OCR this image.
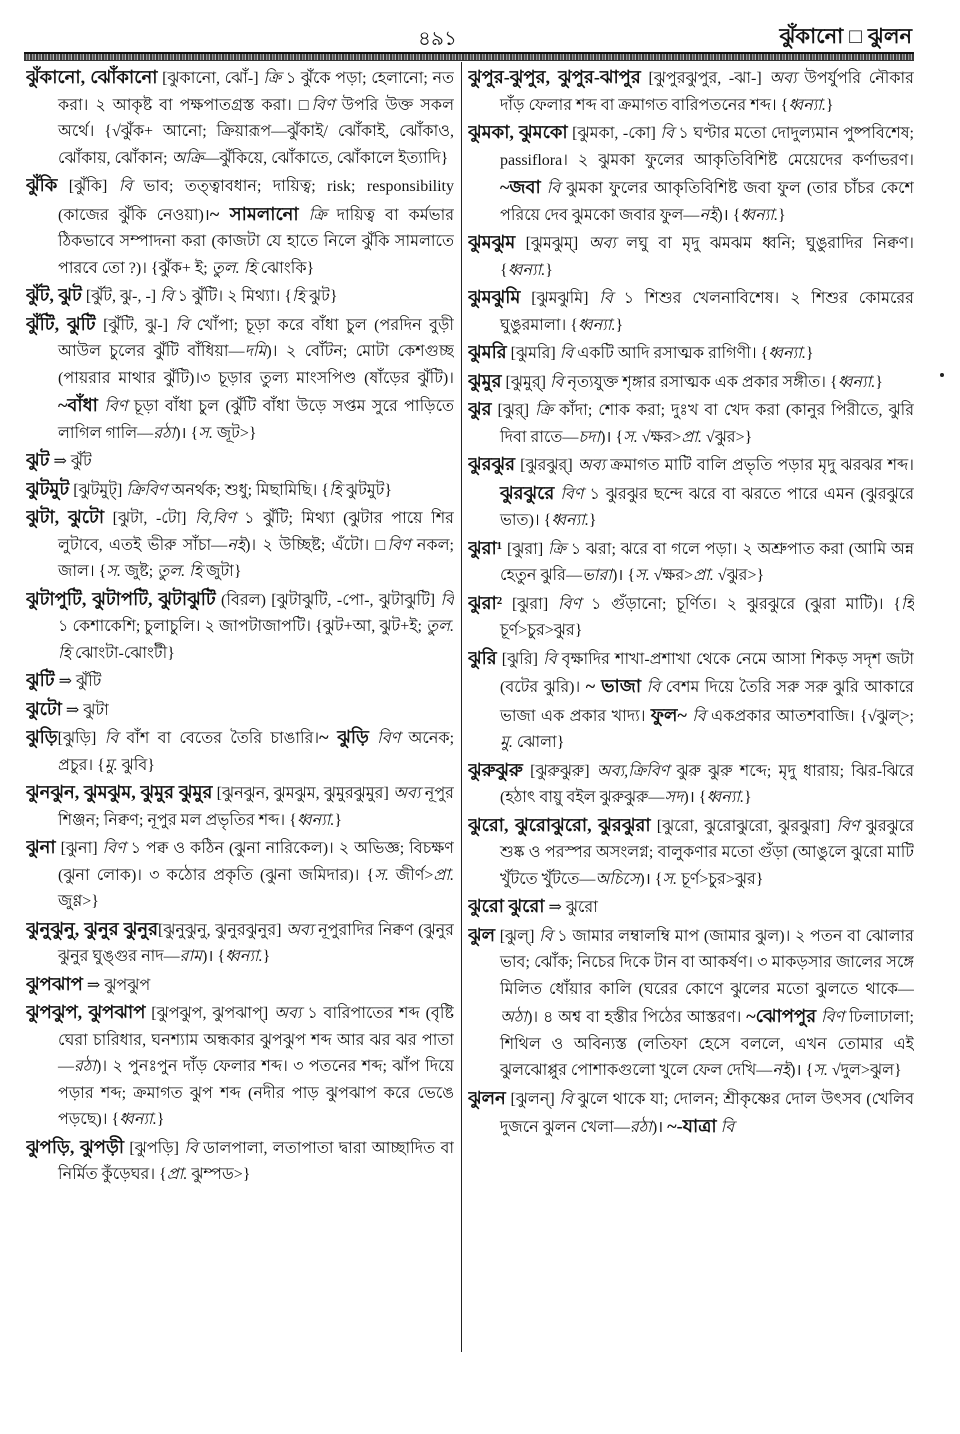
৪৯১	ঝুঁকানো □ ঝুলন

ঝুঁকানো, ঝোঁকানো [ঝুকানো, ঝোঁ-] ক্রি ১ ঝুঁকে পড়া; হেলানো; নত করা। ২ আকৃষ্ট বা পক্ষপাতগ্রস্ত করা। □বিণ উপরি উক্ত সকল অর্থে। {√ঝুঁক+ আনো; ক্রিয়ারূপ—ঝুঁকাই/ ঝোঁকাই, ঝোঁকাও, ঝোঁকায়, ঝোঁকান; অক্রি—ঝুঁকিয়ে, ঝোঁকাতে, ঝোঁকালে ইত্যাদি}

ঝুঁকি [ঝুঁকি] বি ভাব; তত্ত্বাবধান; দায়িত্ব; risk; responsibility (কাজের ঝুঁকি নেওয়া)।~ সামলানো ক্রি দায়িত্ব বা কর্মভার ঠিকভাবে সম্পাদনা করা (কাজটা যে হাতে নিলে ঝুঁকি সামলাতে পারবে তো ?)। {ঝুঁক+ ই; তুল. হি ঝোংকি}

ঝুঁট, ঝুট [ঝুঁট, ঝু-, -] বি ১ ঝুঁটি। ২ মিথ্যা। {হি ঝুট}

ঝুঁটি, ঝুটি [ঝুঁটি, ঝু-] বি খোঁপা; চূড়া করে বাঁধা চুল (পরদিন বুড়ী আউল চুলের ঝুঁটি বাঁধিয়া—দমি)। ২ বোঁটন; মোটা কেশগুচ্ছ (পায়রার মাথার ঝুঁটি)।৩ চূড়ার তুল্য মাংসপিণ্ড (ষাঁড়ের ঝুঁটি)।~বাঁধা বিণ চূড়া বাঁধা চুল (ঝুঁটি বাঁধা উড়ে সপ্তম সুরে পাড়িতে লাগিল গালি—রঠা)। {স. জূট>}

ঝুট ⇒ ঝুঁট

ঝুটমুট [ঝুটমুট্] ক্রিবিণ অনর্থক; শুধু; মিছামিছি। {হি ঝুটমুট}

ঝুটা, ঝুটো [ঝুটা, -টো] বি,বিণ ১ ঝুঁটি; মিথ্যা (ঝুটার পায়ে শির লুটাবে, এতই ভীরু সাঁচা—নই)। ২ উচ্ছিষ্ট; এঁটো। □বিণ নকল; জাল। {স. জুষ্ট; তুল. হি জুটা}

ঝুটাপুটি, ঝুটাপটি, ঝুটাঝুটি (বিরল) [ঝুটাঝুটি, -পো-, ঝুটাঝুটি] বি ১ কেশাকেশি; চুলাচুলি। ২ জাপটাজাপটি। {ঝুট+আ, ঝুট+ই; তুল. হি ঝোংটা-ঝোংটী}

ঝুটি ⇒ ঝুঁটি

ঝুটো ⇒ ঝুটা

ঝুড়ি[ঝুড়ি] বি বাঁশ বা বেতের তৈরি চাঙারি।~ ঝুড়ি বিণ অনেক; প্রচুর। {মু. ঝুবি}

ঝুনঝুন, ঝুমঝুম, ঝুমুর ঝুমুর [ঝুনঝুন, ঝুমঝুম, ঝুমুরঝুমুর] অব্য নূপুর শিঞ্জন; নিক্বণ; নূপুর মল প্রভৃতির শব্দ। {ধ্বন্যা.}

ঝুনা [ঝুনা] বিণ ১ পক্ব ও কঠিন (ঝুনা নারিকেল)। ২ অভিজ্ঞ; বিচক্ষণ (ঝুনা লোক)। ৩ কঠোর প্রকৃতি (ঝুনা জমিদার)। {স. জীর্ণ>প্রা. জুণ্ণ>}

ঝুনুঝুনু, ঝুনুর ঝুনুর[ঝুনুঝুনু, ঝুনুরঝুনুর] অব্য নূপুরাদির নিক্বণ (ঝুনুর ঝুনুর ঘুঙ্গুর নাদ—রাম)। {ধ্বন্যা.}

ঝুপঝাপ ⇒ ঝুপঝুপ

ঝুপঝুপ, ঝুপঝাপ [ঝুপঝুপ, ঝুপঝাপ্] অব্য ১ বারিপাতের শব্দ (বৃষ্টি ঘেরা চারিধার, ঘনশ্যাম অন্ধকার ঝুপঝুপ শব্দ আর ঝর ঝর পাতা—রঠা)। ২ পুনঃপুন দাঁড় ফেলার শব্দ। ৩ পতনের শব্দ; ঝাঁপ দিয়ে পড়ার শব্দ; ক্রমাগত ঝুপ শব্দ (নদীর পাড় ঝুপঝাপ করে ভেঙে পড়ছে)। {ধ্বন্যা.}

ঝুপড়ি, ঝুপড়ী [ঝুপড়ি] বি ডালপালা, লতাপাতা দ্বারা আচ্ছাদিত বা নির্মিত কুঁড়েঘর। {প্রা. ঝুম্পড>}

ঝুপুর-ঝুপুর, ঝুপুর-ঝাপুর [ঝুপুরঝুপুর, -ঝা-] অব্য উপর্যুপরি নৌকার দাঁড় ফেলার শব্দ বা ক্রমাগত বারিপতনের শব্দ। {ধ্বন্যা.}

ঝুমকা, ঝুমকো [ঝুমকা, -কো] বি ১ ঘণ্টার মতো দোদুল্যমান পুষ্পবিশেষ; passiflora। ২ ঝুমকা ফুলের আকৃতিবিশিষ্ট মেয়েদের কর্ণাভরণ। ~জবা বি ঝুমকা ফুলের আকৃতিবিশিষ্ট জবা ফুল (তার চাঁচর কেশে পরিয়ে দেব ঝুমকো জবার ফুল—নই)। {ধ্বন্যা.}

ঝুমঝুম [ঝুমঝুম্] অব্য লঘু বা মৃদু ঝমঝম ধ্বনি; ঘুঙুরাদির নিক্বণ। {ধ্বন্যা.}

ঝুমঝুমি [ঝুমঝুমি] বি ১ শিশুর খেলনাবিশেষ। ২ শিশুর কোমরের ঘুঙুরমালা। {ধ্বন্যা.}

ঝুমরি [ঝুমরি] বি একটি আদি রসাত্মক রাগিণী। {ধ্বন্যা.}

ঝুমুর [ঝুমুর্] বি নৃত্যযুক্ত শৃঙ্গার রসাত্মক এক প্রকার সঙ্গীত। {ধ্বন্যা.}

ঝুর [ঝুর্] ক্রি কাঁদা; শোক করা; দুঃখ বা খেদ করা (কানুর পিরীতে, ঝুরি দিবা রাতে—চদা)। {স. √ক্ষর>প্রা. √ঝুর>}

ঝুরঝুর [ঝুরঝুর্] অব্য ক্রমাগত মাটি বালি প্রভৃতি পড়ার মৃদু ঝরঝর শব্দ। ঝুরঝুরে বিণ ১ ঝুরঝুর ছন্দে ঝরে বা ঝরতে পারে এমন (ঝুরঝুরে ভাত)। {ধ্বন্যা.}

ঝুরা¹ [ঝুরা] ক্রি ১ ঝরা; ঝরে বা গলে পড়া। ২ অশ্রুপাত করা (আমি অন্ন হেতুন ঝুরি—ভারা)। {স. √ক্ষর>প্রা. √ঝুর>}

ঝুরা² [ঝুরা] বিণ ১ গুঁড়ানো; চূর্ণিত। ২ ঝুরঝুরে (ঝুরা মাটি)। {হি চূর্ণ>চুর>ঝুর}

ঝুরি [ঝুরি] বি বৃক্ষাদির শাখা-প্রশাখা থেকে নেমে আসা শিকড় সদৃশ জটা (বটের ঝুরি)। ~ ভাজা বি বেশম দিয়ে তৈরি সরু সরু ঝুরি আকারে ভাজা এক প্রকার খাদ্য। ফুল~ বি একপ্রকার আতশবাজি। {√ঝুল্>; মু. ঝোলা}

ঝুরুঝুরু [ঝুরুঝুরু] অব্য,ক্রিবিণ ঝুরু ঝুরু শব্দে; মৃদু ধারায়; ঝির-ঝিরে (হঠাৎ বায়ু বইল ঝুরুঝুরু—সদ)। {ধ্বন্যা.}

ঝুরো, ঝুরোঝুরো, ঝুরঝুরা [ঝুরো, ঝুরোঝুরো, ঝুরঝুরা] বিণ ঝুরঝুরে শুষ্ক ও পরস্পর অসংলগ্ন; বালুকণার মতো গুঁড়া (আঙুলে ঝুরো মাটি খুঁটতে খুঁটতে—অচিসে)। {স. চূর্ণ>চুর>ঝুর}

ঝুরো ঝুরো ⇒ ঝুরো

ঝুল [ঝুল্] বি ১ জামার লম্বালম্বি মাপ (জামার ঝুল)। ২ পতন বা ঝোলার ভাব; ঝোঁক; নিচের দিকে টান বা আকর্ষণ। ৩ মাকড়সার জালের সঙ্গে মিলিত ধোঁয়ার কালি (ঘরের কোণে ঝুলের মতো ঝুলতে থাকে—অঠা)। ৪ অশ্ব বা হস্তীর পিঠের আস্তরণ। ~ঝোপপুর বিণ ঢিলাঢালা; শিথিল ও অবিন্যস্ত (লতিফা হেসে বললে, এখন তোমার এই ঝুলঝোপ্পুর পোশাকগুলো খুলে ফেল দেখি—নই)। {স. √দুল>ঝুল}

ঝুলন [ঝুলন্] বি ঝুলে থাকে যা; দোলন; শ্রীকৃষ্ণের দোল উৎসব (খেলিব দুজনে ঝুলন খেলা—রঠা)। ~-যাত্রা বি
